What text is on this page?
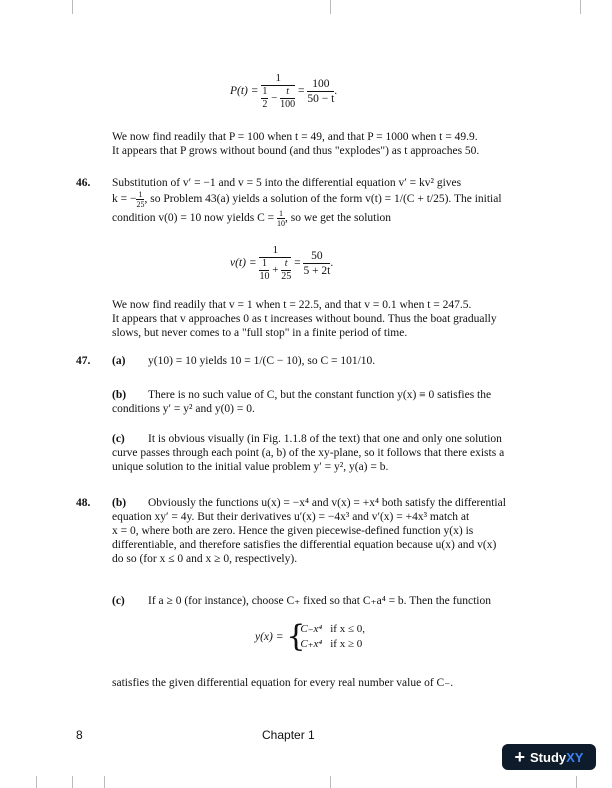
$P(t) = \frac{1}{\frac{1}{2} - \frac{t}{100}} = \frac{100}{50 - t}$ .
We now find readily that P = 100 when t = 49, and that P = 1000 when t = 49.9.
It appears that P grows without bound (and thus "explodes") as t approaches 50.
46. Substitution of v′ = −1 and v = 5 into the differential equation v′ = kv² gives
k = − $\frac{1}{25}$ , so Problem 43(a) yields a solution of the form v(t) = 1/(C + t/25). The initial
condition v(0) = 10 now yields $C = \frac{1}{10}$ , so we get the solution
$v(t) = \frac{1}{\frac{1}{10} + \frac{t}{25}} = \frac{50}{5 + 2t}$ .
We now find readily that v = 1 when t = 22.5, and that v = 0.1 when t = 247.5.
It appears that v approaches 0 as t increases without bound. Thus the boat gradually
slows, but never comes to a "full stop" in a finite period of time.
47. (a) y(10) = 10 yields 10 = 1/(C − 10), so C = 101/10.
(b)	There is no such value of C, but the constant function y(x) ≡ 0 satisfies the
conditions y′ = y² and y(0) = 0.
(c)	It is obvious visually (in Fig. 1.1.8 of the text) that one and only one solution
curve passes through each point (a, b) of the xy-plane, so it follows that there exists a
unique solution to the initial value problem y′ = y², y(a) = b.
48. (b)	Obviously the functions u(x) = −x⁴ and v(x) = +x⁴ both satisfy the differential
equation xy′ = 4y. But their derivatives u′(x) = −4x³ and v′(x) = +4x³ match at
x = 0, where both are zero. Hence the given piecewise-defined function y(x) is
differentiable, and therefore satisfies the differential equation because u(x) and v(x)
do so (for x ≤ 0 and x ≥ 0, respectively).
(c) If a ≥ 0 (for instance), choose C₊ fixed so that C₊a⁴ = b. Then the function
y(x) = {
C₋x⁴	if x ≤ 0,
C₊x⁴	if x ≥ 0
satisfies the given differential equation for every real number value of C₋.
8	Chapter 1
+ StudyXY
